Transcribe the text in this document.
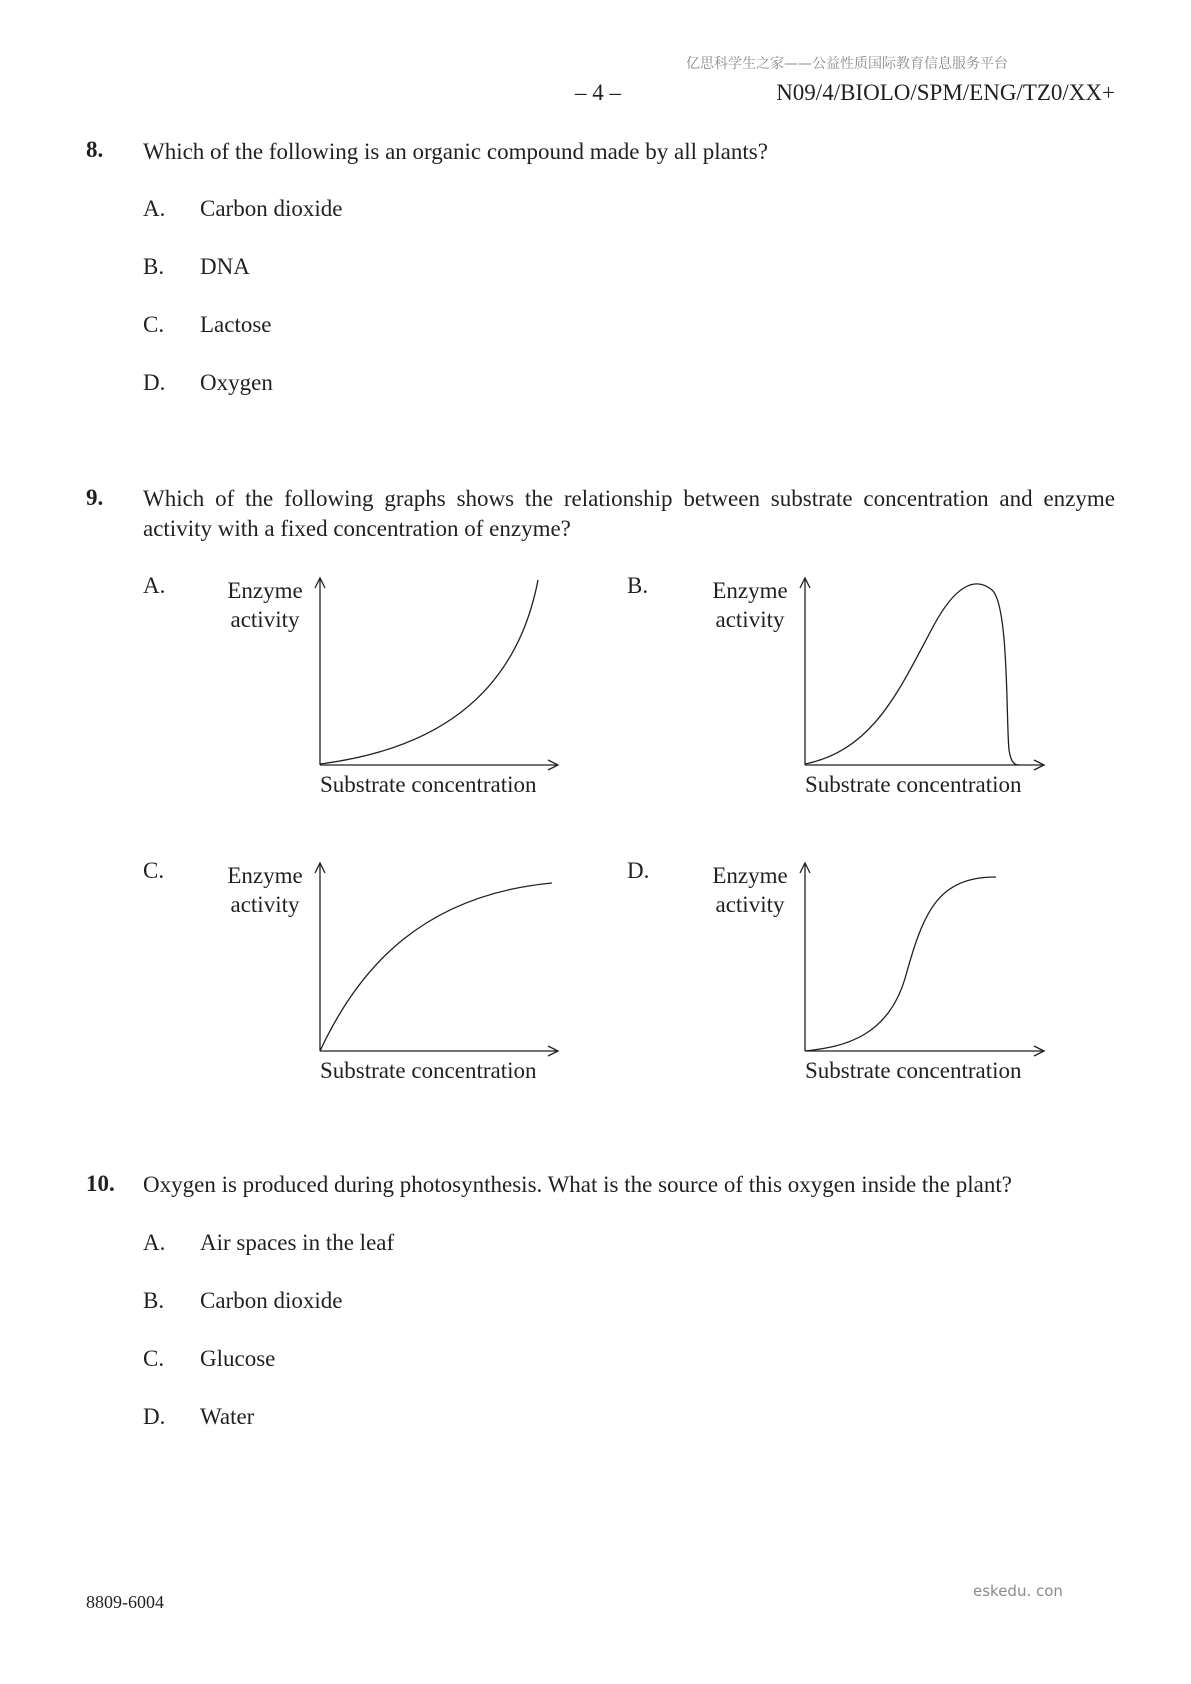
亿思科学生之家——公益性质国际教育信息服务平台
– 4 –	N09/4/BIOLO/SPM/ENG/TZ0/XX+
8. Which of the following is an organic compound made by all plants?
A. Carbon dioxide
B. DNA
C. Lactose
D. Oxygen
9. Which of the following graphs shows the relationship between substrate concentration and enzyme activity with a fixed concentration of enzyme?
A.	Enzyme
activity
Substrate concentration
B.	Enzyme
activity
Substrate concentration
C.	Enzyme
activity
Substrate concentration
D.	Enzyme
activity
Substrate concentration
10. Oxygen is produced during photosynthesis. What is the source of this oxygen inside the plant?
A. Air spaces in the leaf
B. Carbon dioxide
C. Glucose
D. Water
8809-6004
eskedu. con
